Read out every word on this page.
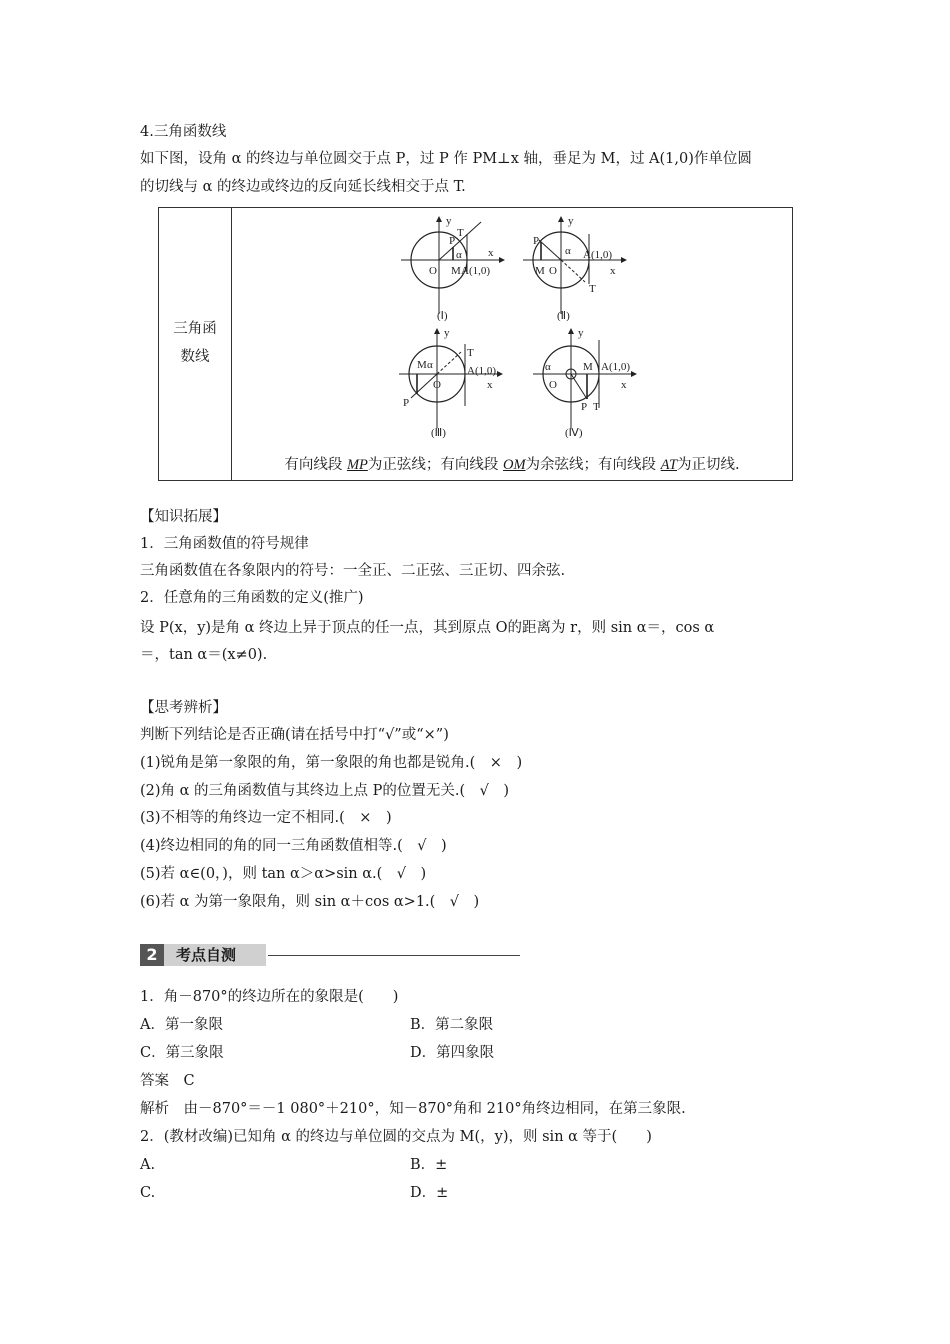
4.三角函数线
如下图，设角 α 的终边与单位圆交于点 P，过 P 作 PM⊥x 轴，垂足为 M，过 A(1,0)作单位圆
的切线与 α 的终边或终边的反向延长线相交于点 T.
三角函
数线
y
x
T
P
α
O M A(1,0)
(Ⅰ)
y
x
P
α
M O
A(1,0)
T
(Ⅱ)
y
x
T
M α
O
A(1,0)
P
(Ⅲ)
y
x
α
O
M A(1,0)
P T
(Ⅳ)
有向线段 MP为正弦线；有向线段 OM为余弦线；有向线段 AT为正切线.
【知识拓展】
1．三角函数值的符号规律
三角函数值在各象限内的符号：一全正、二正弦、三正切、四余弦.
2．任意角的三角函数的定义(推广)
设 P(x，y)是角 α 终边上异于顶点的任一点，其到原点 O的距离为 r，则 sin α＝，cos α
＝，tan α＝(x≠0).
【思考辨析】
判断下列结论是否正确(请在括号中打“√”或“×”)
(1)锐角是第一象限的角，第一象限的角也都是锐角.(　×　)
(2)角 α 的三角函数值与其终边上点 P的位置无关.(　√　)
(3)不相等的角终边一定不相同.(　×　)
(4)终边相同的角的同一三角函数值相等.(　√　)
(5)若 α∈(0，)，则 tan α＞α>sin α.(　√　)
(6)若 α 为第一象限角，则 sin α＋cos α>1.(　√　)
2	考点自测
1．角－870°的终边所在的象限是(　　)
A．第一象限	B．第二象限
C．第三象限	D．第四象限
答案　C
解析　由－870°＝－1 080°＋210°，知－870°角和 210°角终边相同，在第三象限.
2．(教材改编)已知角 α 的终边与单位圆的交点为 M(，y)，则 sin α 等于(　　)
A.	B．±
C.	D．±
